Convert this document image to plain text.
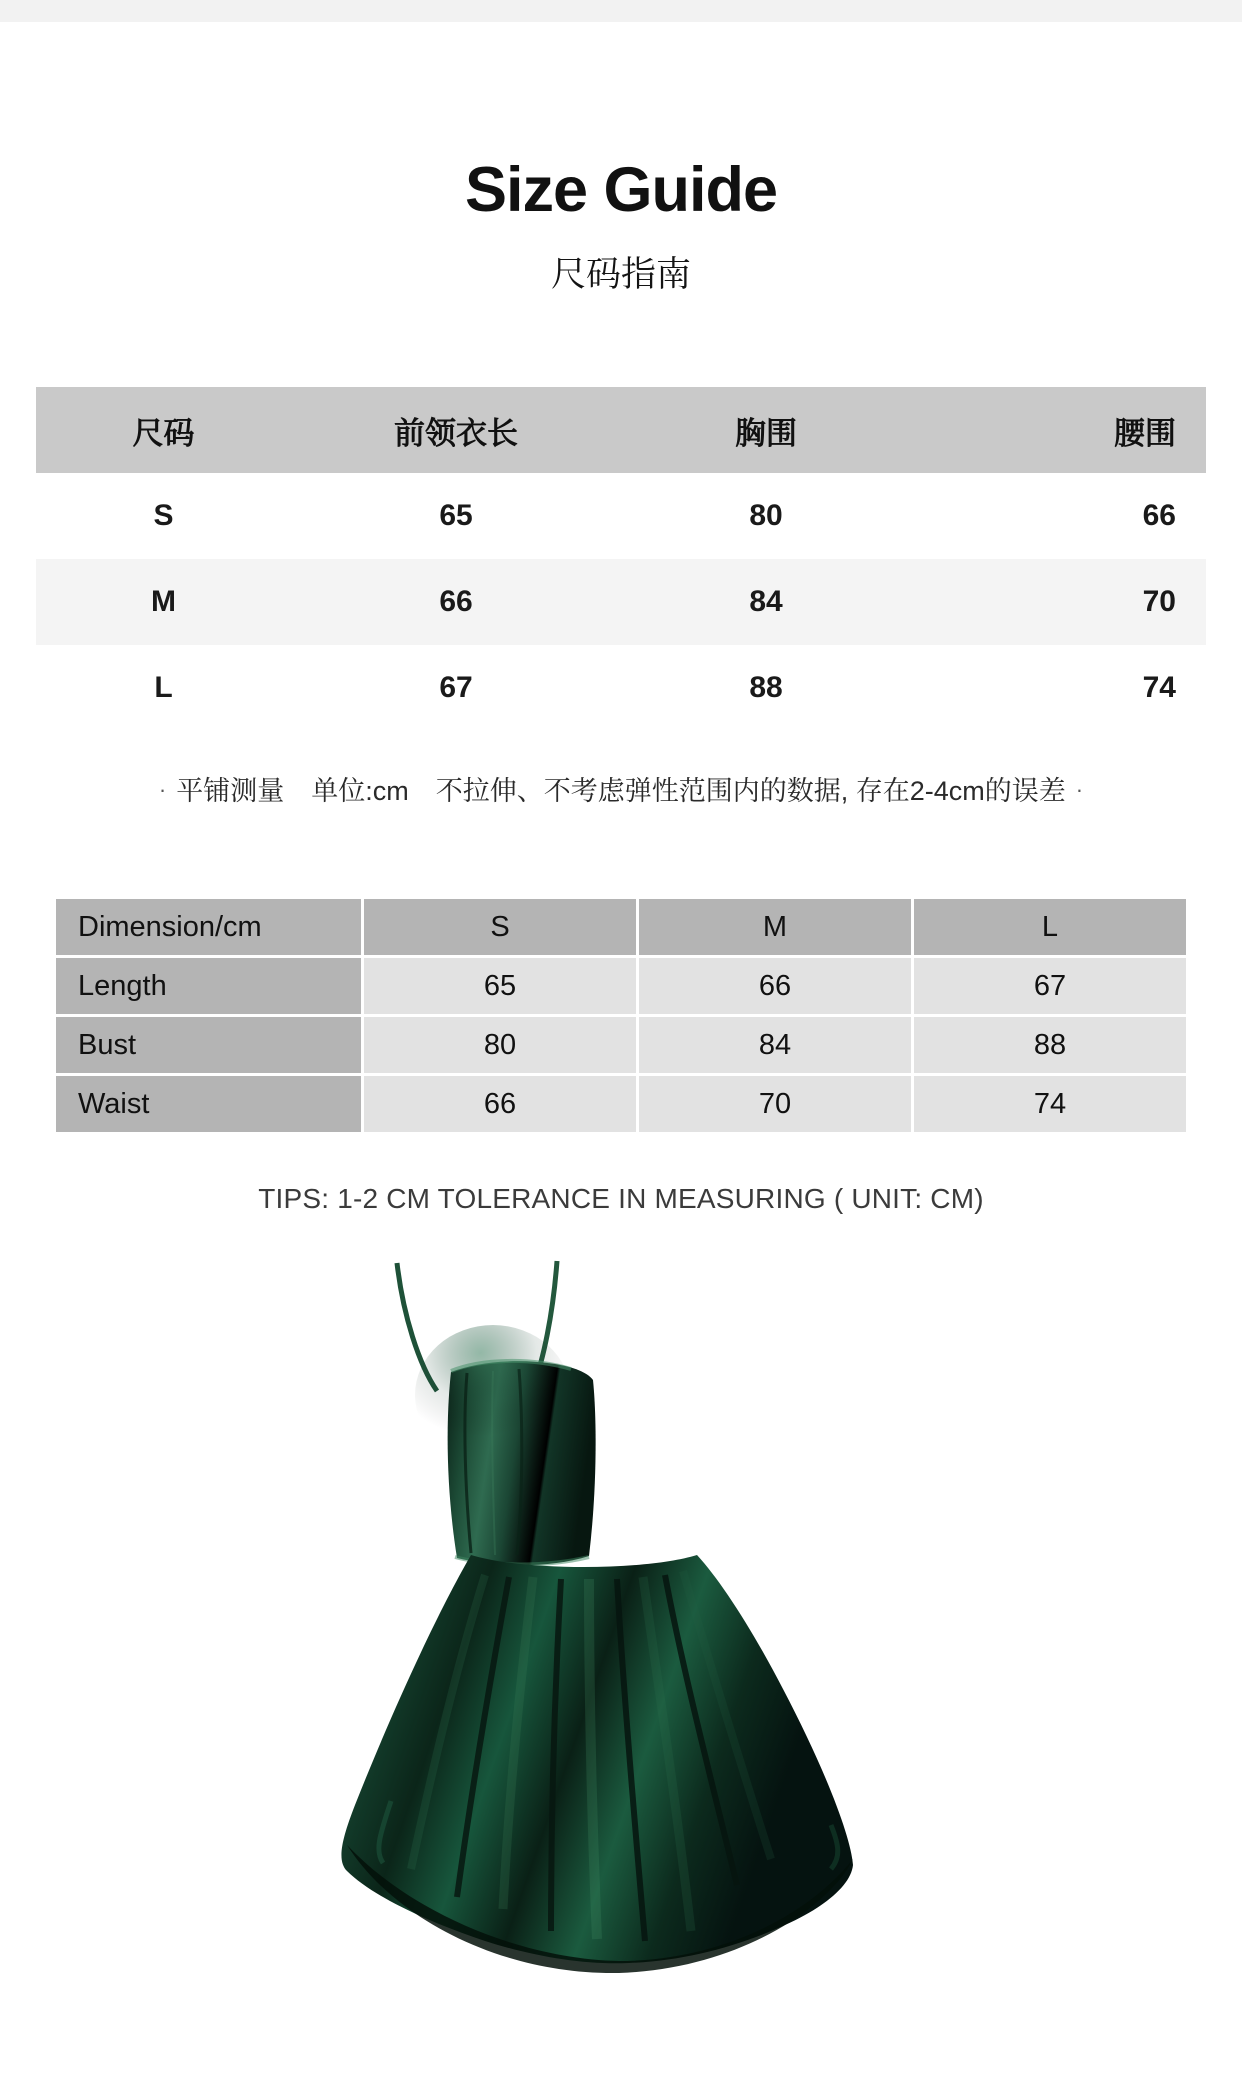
Size Guide
尺码指南
尺码	前领衣长	胸围	腰围
S	65	80	66
M	66	84	70
L	67	88	74
· 平铺测量　单位:cm　不拉伸、不考虑弹性范围内的数据, 存在2-4cm的误差 ·
Dimension/cm	S	M	L
Length	65	66	67
Bust	80	84	88
Waist	66	70	74
TIPS: 1-2 CM TOLERANCE IN MEASURING ( UNIT: CM)
